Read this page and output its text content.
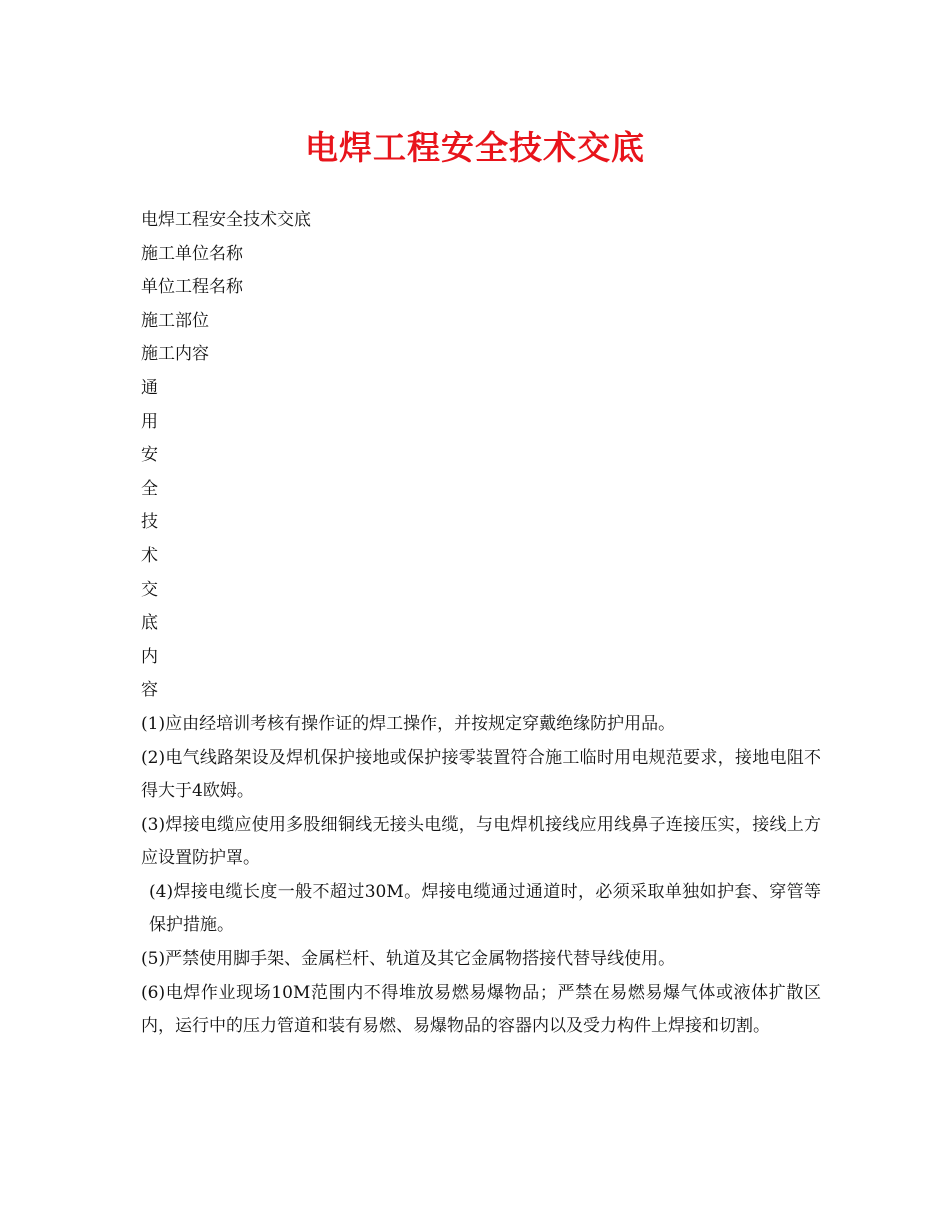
电焊工程安全技术交底
电焊工程安全技术交底
施工单位名称
单位工程名称
施工部位
施工内容
通
用
安
全
技
术
交
底
内
容
(1)应由经培训考核有操作证的焊工操作，并按规定穿戴绝缘防护用品。
(2)电气线路架设及焊机保护接地或保护接零装置符合施工临时用电规范要求，接地电阻不得大于4欧姆。
(3)焊接电缆应使用多股细铜线无接头电缆，与电焊机接线应用线鼻子连接压实，接线上方应设置防护罩。
(4)焊接电缆长度一般不超过30M。焊接电缆通过通道时，必须采取单独如护套、穿管等保护措施。
(5)严禁使用脚手架、金属栏杆、轨道及其它金属物搭接代替导线使用。
(6)电焊作业现场10M范围内不得堆放易燃易爆物品；严禁在易燃易爆气体或液体扩散区内，运行中的压力管道和装有易燃、易爆物品的容器内以及受力构件上焊接和切割。
